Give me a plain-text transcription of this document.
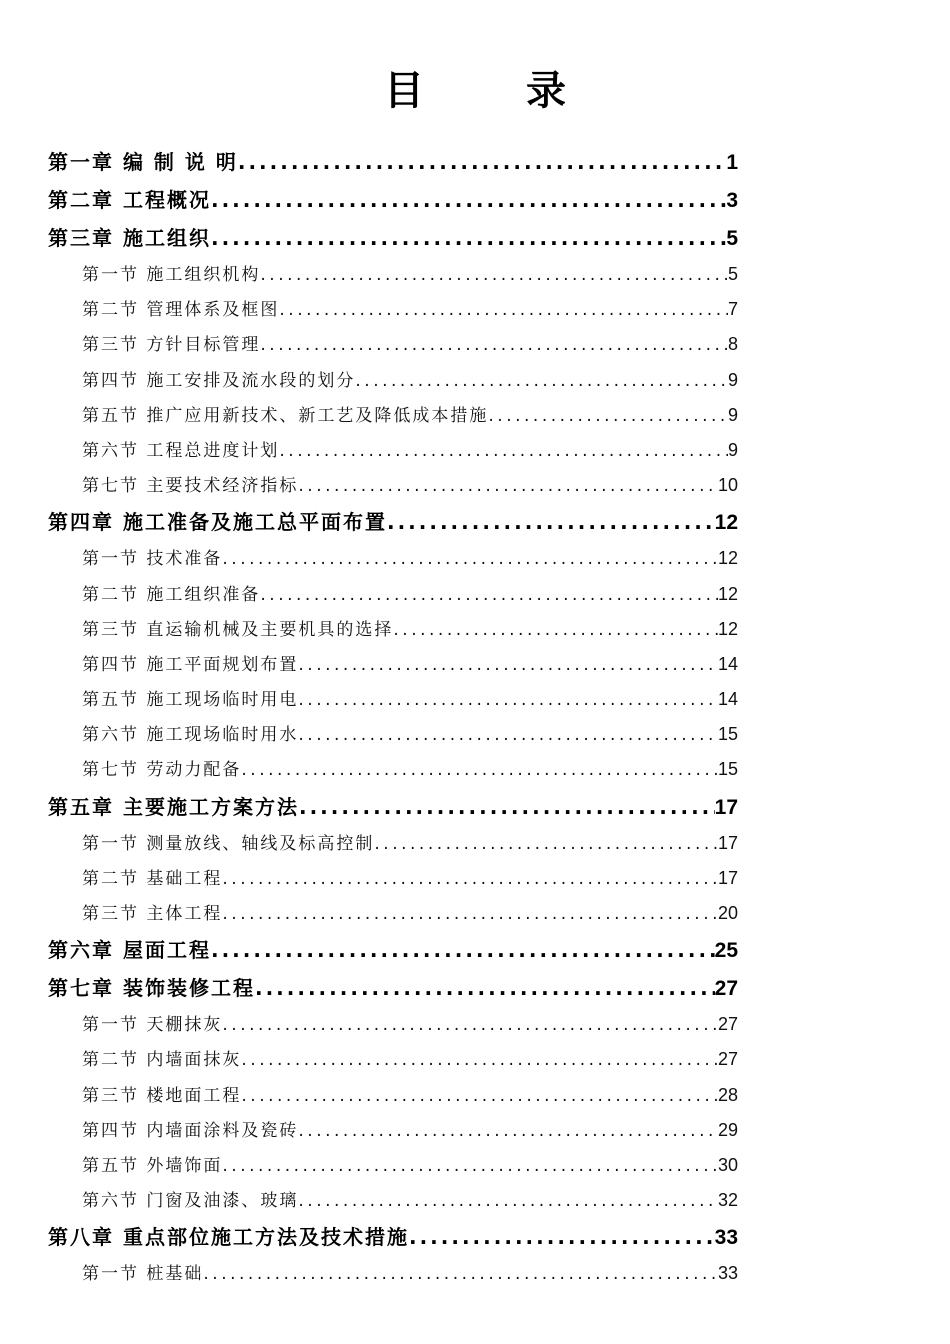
目 录
第一章 编 制 说 明 .....	1
第二章 工程概况 .....	3
第三章 施工组织 .....	5
第一节 施工组织机构 .....	5
第二节 管理体系及框图 .....	7
第三节 方针目标管理 .....	8
第四节 施工安排及流水段的划分 .....	9
第五节 推广应用新技术、新工艺及降低成本措施 .....	9
第六节 工程总进度计划 .....	9
第七节 主要技术经济指标 .....	10
第四章 施工准备及施工总平面布置 .....	12
第一节 技术准备 .....	12
第二节 施工组织准备 .....	12
第三节 直运输机械及主要机具的选择 .....	12
第四节 施工平面规划布置 .....	14
第五节 施工现场临时用电 .....	14
第六节 施工现场临时用水 .....	15
第七节 劳动力配备 .....	15
第五章 主要施工方案方法 .....	17
第一节 测量放线、轴线及标高控制 .....	17
第二节 基础工程 .....	17
第三节 主体工程 .....	20
第六章 屋面工程 .....	25
第七章 装饰装修工程 .....	27
第一节 天棚抹灰 .....	27
第二节 内墙面抹灰 .....	27
第三节 楼地面工程 .....	28
第四节 内墙面涂料及瓷砖 .....	29
第五节 外墙饰面 .....	30
第六节 门窗及油漆、玻璃 .....	32
第八章 重点部位施工方法及技术措施 .....	33
第一节 桩基础 .....	33
